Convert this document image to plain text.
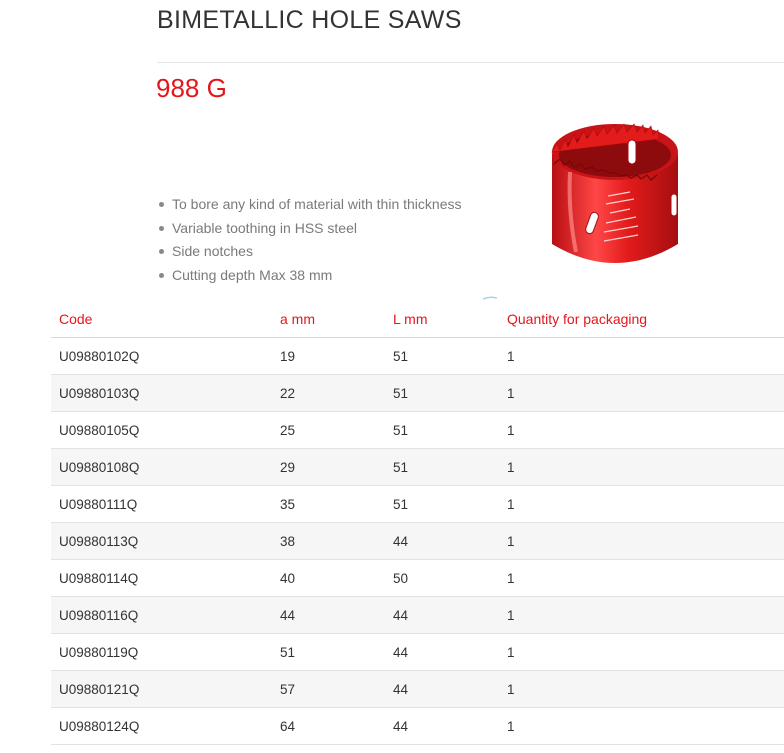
BIMETALLIC HOLE SAWS
988 G
To bore any kind of material with thin thickness
Variable toothing in HSS steel
Side notches
Cutting depth Max 38 mm
Code	a mm	L mm	Quantity for packaging
U09880102Q	19	51	1
U09880103Q	22	51	1
U09880105Q	25	51	1
U09880108Q	29	51	1
U09880111Q	35	51	1
U09880113Q	38	44	1
U09880114Q	40	50	1
U09880116Q	44	44	1
U09880119Q	51	44	1
U09880121Q	57	44	1
U09880124Q	64	44	1
